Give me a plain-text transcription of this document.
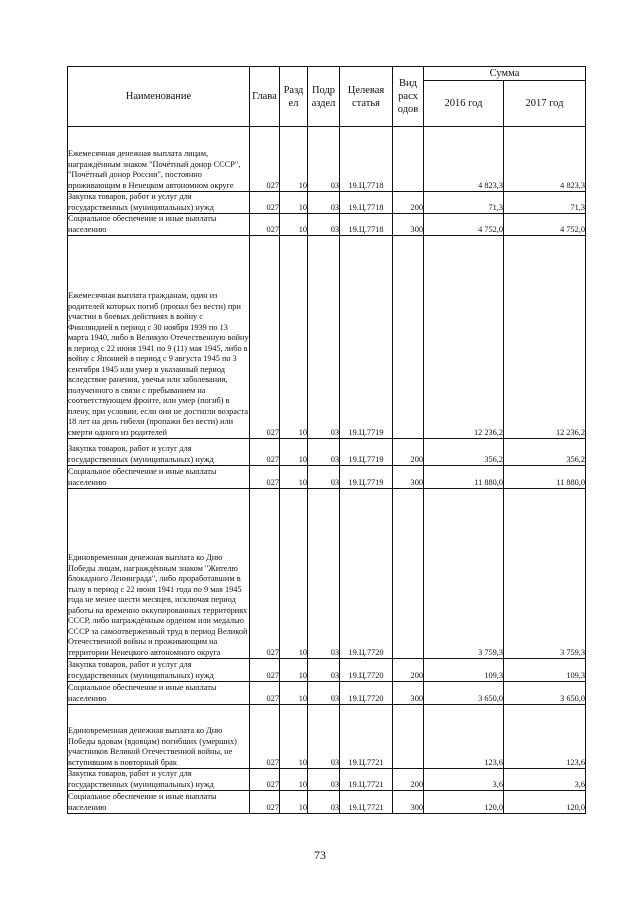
Наименование	Глава	Разд ел	Подр аздел	Целевая статья	Вид расх одов	Сумма	
						2016 год	2017 год
Ежемесячная денежная выплата лицам, награждённым знаком "Почётный донор СССР", "Почётный донор России", постоянно проживающим в Ненецком автономном округе	027	10	03	19.Ц.7718		4 823,3	4 823,3
Закупка товаров, работ и услуг для государственных (муниципальных) нужд	027	10	03	19.Ц.7718	200	71,3	71,3
Социальное обеспечение и иные выплаты населению	027	10	03	19.Ц.7718	300	4 752,0	4 752,0
Ежемесячная выплата гражданам, один из родителей которых погиб (пропал без вести) при участии в боевых действиях в войну с Финляндией в период с 30 ноября 1939 по 13 марта 1940, либо в Великую Отечественную войну в период с 22 июня 1941 по 9 (11) мая 1945, либо в войну с Японией в период с 9 августа 1945 по 3 сентября 1945 или умер в указанный период вследствие ранения, увечья или заболевания, полученного в связи с пребыванием на соответствующем фронте, или умер (погиб) в плену, при условии, если они не достигли возраста 18 лет на день гибели (пропажи без вести) или смерти одного из родителей	027	10	03	19.Ц.7719		12 236,2	12 236,2
Закупка товаров, работ и услуг для государственных (муниципальных) нужд	027	10	03	19.Ц.7719	200	356,2	356,2
Социальное обеспечение и иные выплаты населению	027	10	03	19.Ц.7719	300	11 880,0	11 880,0
Единовременная денежная выплата ко Дню Победы лицам, награждённым знаком "Жителю блокадного Ленинграда", либо проработавшим в тылу в период с 22 июня 1941 года по 9 мая 1945 года не менее шести месяцев, исключая период работы на временно оккупированных территориях СССР, либо награждённым орденом или медалью СССР за самоотверженный труд в период Великой Отечественной войны и проживающим на территории Ненецкого автономного округа	027	10	03	19.Ц.7720		3 759,3	3 759,3
Закупка товаров, работ и услуг для государственных (муниципальных) нужд	027	10	03	19.Ц.7720	200	109,3	109,3
Социальное обеспечение и иные выплаты населению	027	10	03	19.Ц.7720	300	3 650,0	3 650,0
Единовременная денежная выплата ко Дню Победы вдовам (вдовцам) погибших (умерших) участников Великой Отечественной войны, не вступившим в повторный брак	027	10	03	19.Ц.7721		123,6	123,6
Закупка товаров, работ и услуг для государственных (муниципальных) нужд	027	10	03	19.Ц.7721	200	3,6	3,6
Социальное обеспечение и иные выплаты населению	027	10	03	19.Ц.7721	300	120,0	120,0
73
